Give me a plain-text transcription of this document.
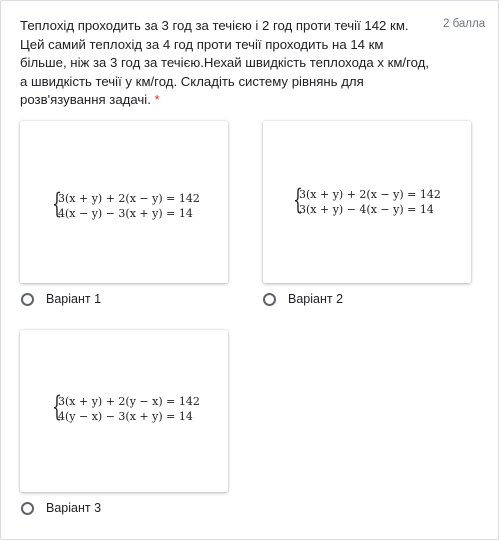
Теплохід проходить за 3 год за течією і 2 год проти течії 142 км. Цей самий теплохід за 4 год проти течії проходить на 14 км більше, ніж за 3 год за течією.Нехай швидкість теплохода х км/год, а швидкість течії у км/год. Складіть систему рівнянь для розв'язування задачі. *
2 балла
{
3(x + y) + 2(x − y) = 142
4(x − y) − 3(x + y) = 14
Варіант 1
{
3(x + y) + 2(x − y) = 142
3(x + y) − 4(x − y) = 14
Варіант 2
{
3(x + y) + 2(y − x) = 142
4(y − x) − 3(x + y) = 14
Варіант 3
